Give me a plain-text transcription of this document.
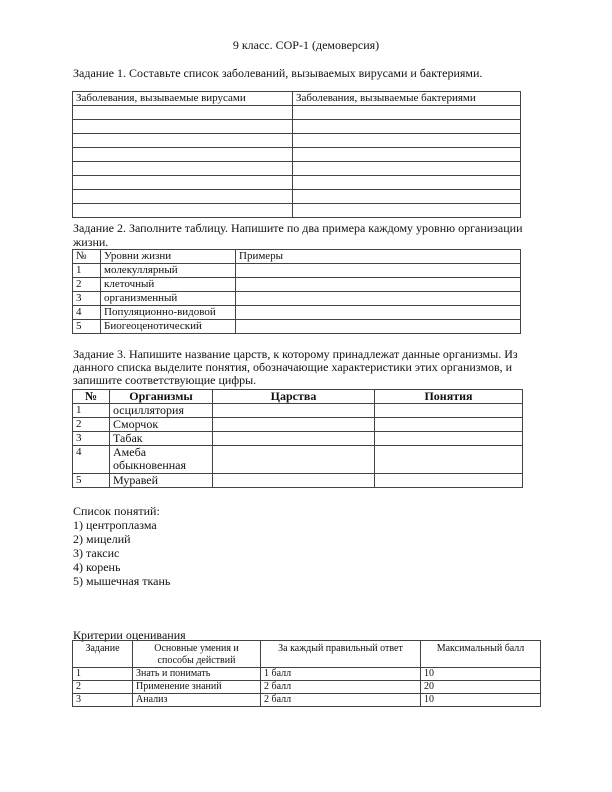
9 класс. СОР-1 (демоверсия)
Задание 1. Составьте список заболеваний, вызываемых вирусами и бактериями.
Заболевания, вызываемые вирусами	Заболевания, вызываемые бактериями

Задание 2. Заполните таблицу. Напишите по два примера каждому уровню организации жизни.
№	Уровни жизни	Примеры
1	молекуллярный	
2	клеточный	
3	организменный	
4	Популяционно-видовой	
5	Биогеоценотический	
Задание 3. Напишите название царств, к которому принадлежат данные организмы. Из данного списка выделите понятия, обозначающие характеристики этих организмов, и запишите соответствующие цифры.
№	Организмы	Царства	Понятия
1	осциллятория		
2	Сморчок		
3	Табак		
4	Амеба обыкновенная		
5	Муравей		
Список понятий:
1) центроплазма
2) мицелий
3) таксис
4) корень
5) мышечная ткань
Критерии оценивания
Задание	Основные умения и способы действий	За каждый правильный ответ	Максимальный балл
1	Знать и понимать	1 балл	10
2	Применение знаний	2 балл	20
3	Анализ	2 балл	10
